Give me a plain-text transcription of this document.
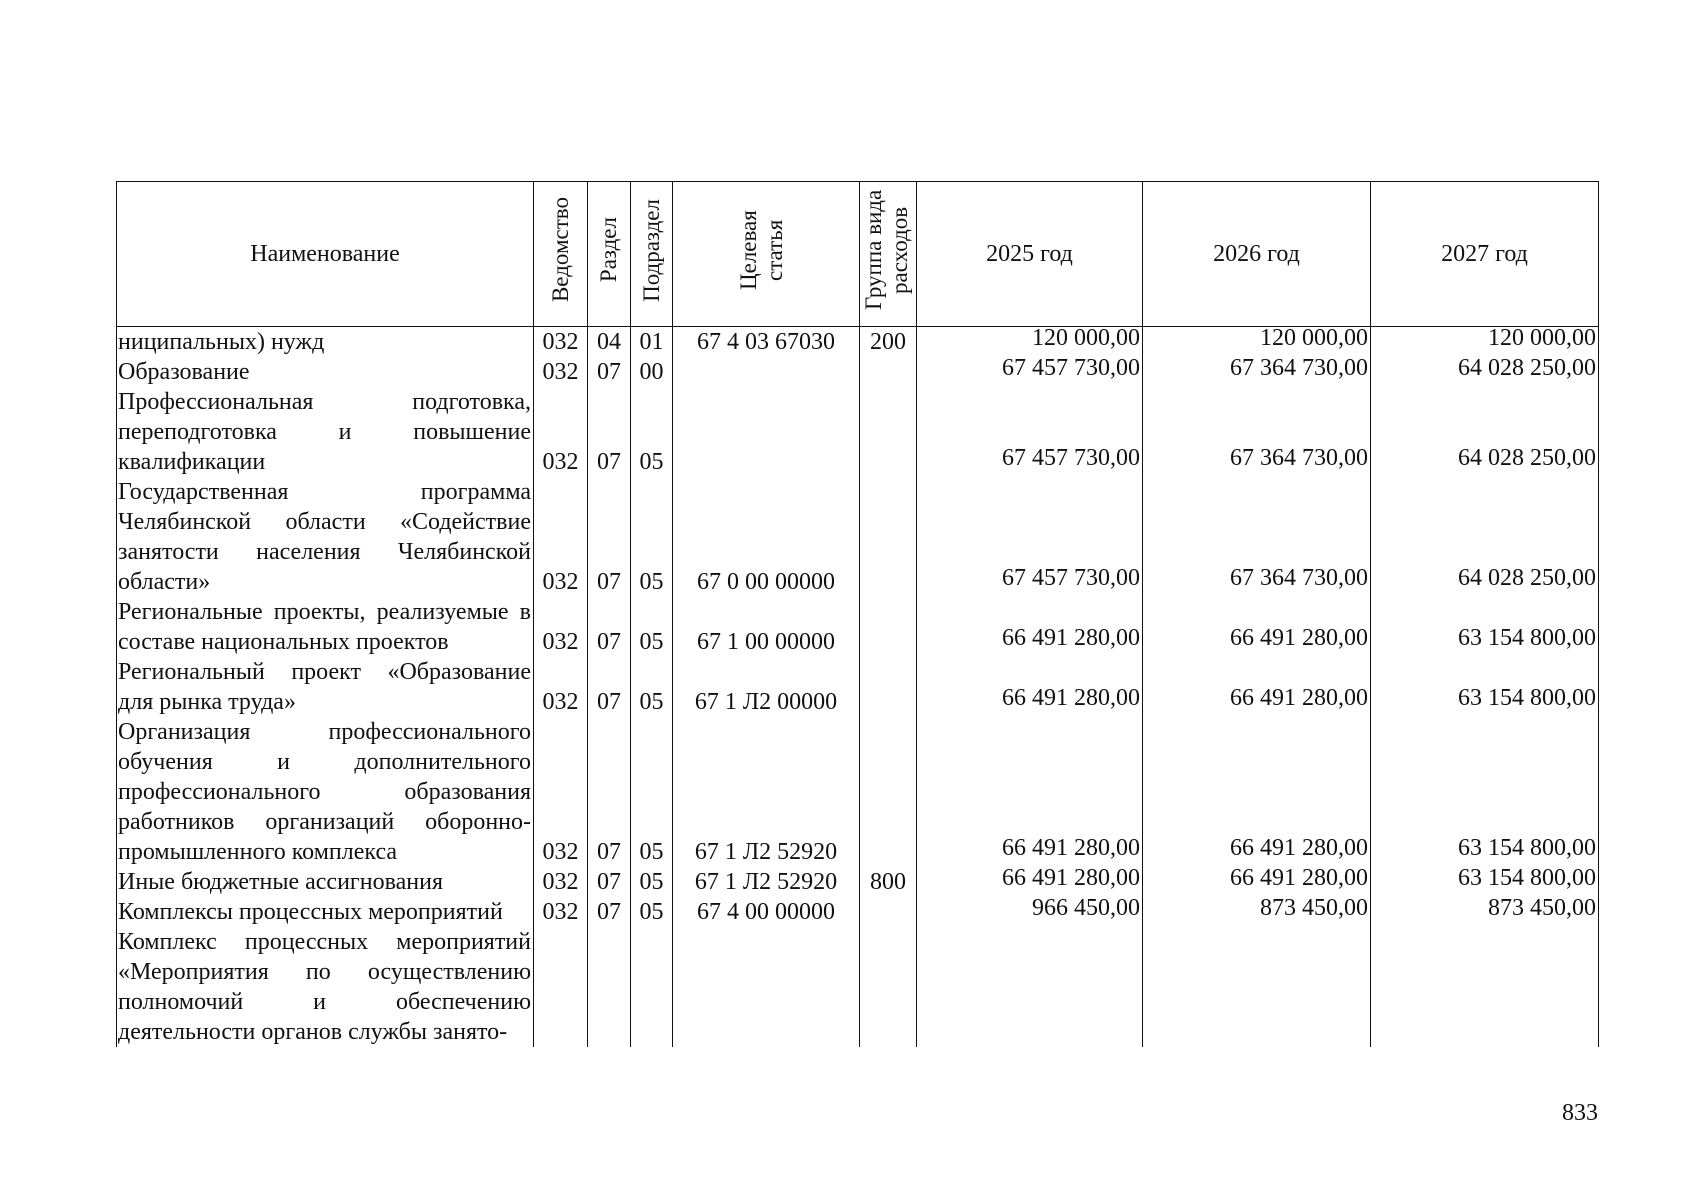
Наименование	Ведомство	Раздел	Подраздел	Целевая статья	Группа вида расходов	2025 год	2026 год	2027 год
ниципальных) нужд	032	04	01	67 4 03 67030	200	120 000,00	120 000,00	120 000,00
Образование	032	07	00			67 457 730,00	67 364 730,00	64 028 250,00
Профессиональная подготовка, переподготовка и повышение квалификации	032	07	05			67 457 730,00	67 364 730,00	64 028 250,00
Государственная программа Челябинской области «Содействие занятости населения Челябинской области»	032	07	05	67 0 00 00000		67 457 730,00	67 364 730,00	64 028 250,00
Региональные проекты, реализуемые в составе национальных проектов	032	07	05	67 1 00 00000		66 491 280,00	66 491 280,00	63 154 800,00
Региональный проект «Образование для рынка труда»	032	07	05	67 1 Л2 00000		66 491 280,00	66 491 280,00	63 154 800,00
Организация профессионального обучения и дополнительного профессионального образования работников организаций оборонно-промышленного комплекса	032	07	05	67 1 Л2 52920		66 491 280,00	66 491 280,00	63 154 800,00
Иные бюджетные ассигнования	032	07	05	67 1 Л2 52920	800	66 491 280,00	66 491 280,00	63 154 800,00
Комплексы процессных мероприятий	032	07	05	67 4 00 00000		966 450,00	873 450,00	873 450,00
Комплекс процессных мероприятий «Мероприятия по осуществлению полномочий и обеспечению деятельности органов службы занято-								
833
